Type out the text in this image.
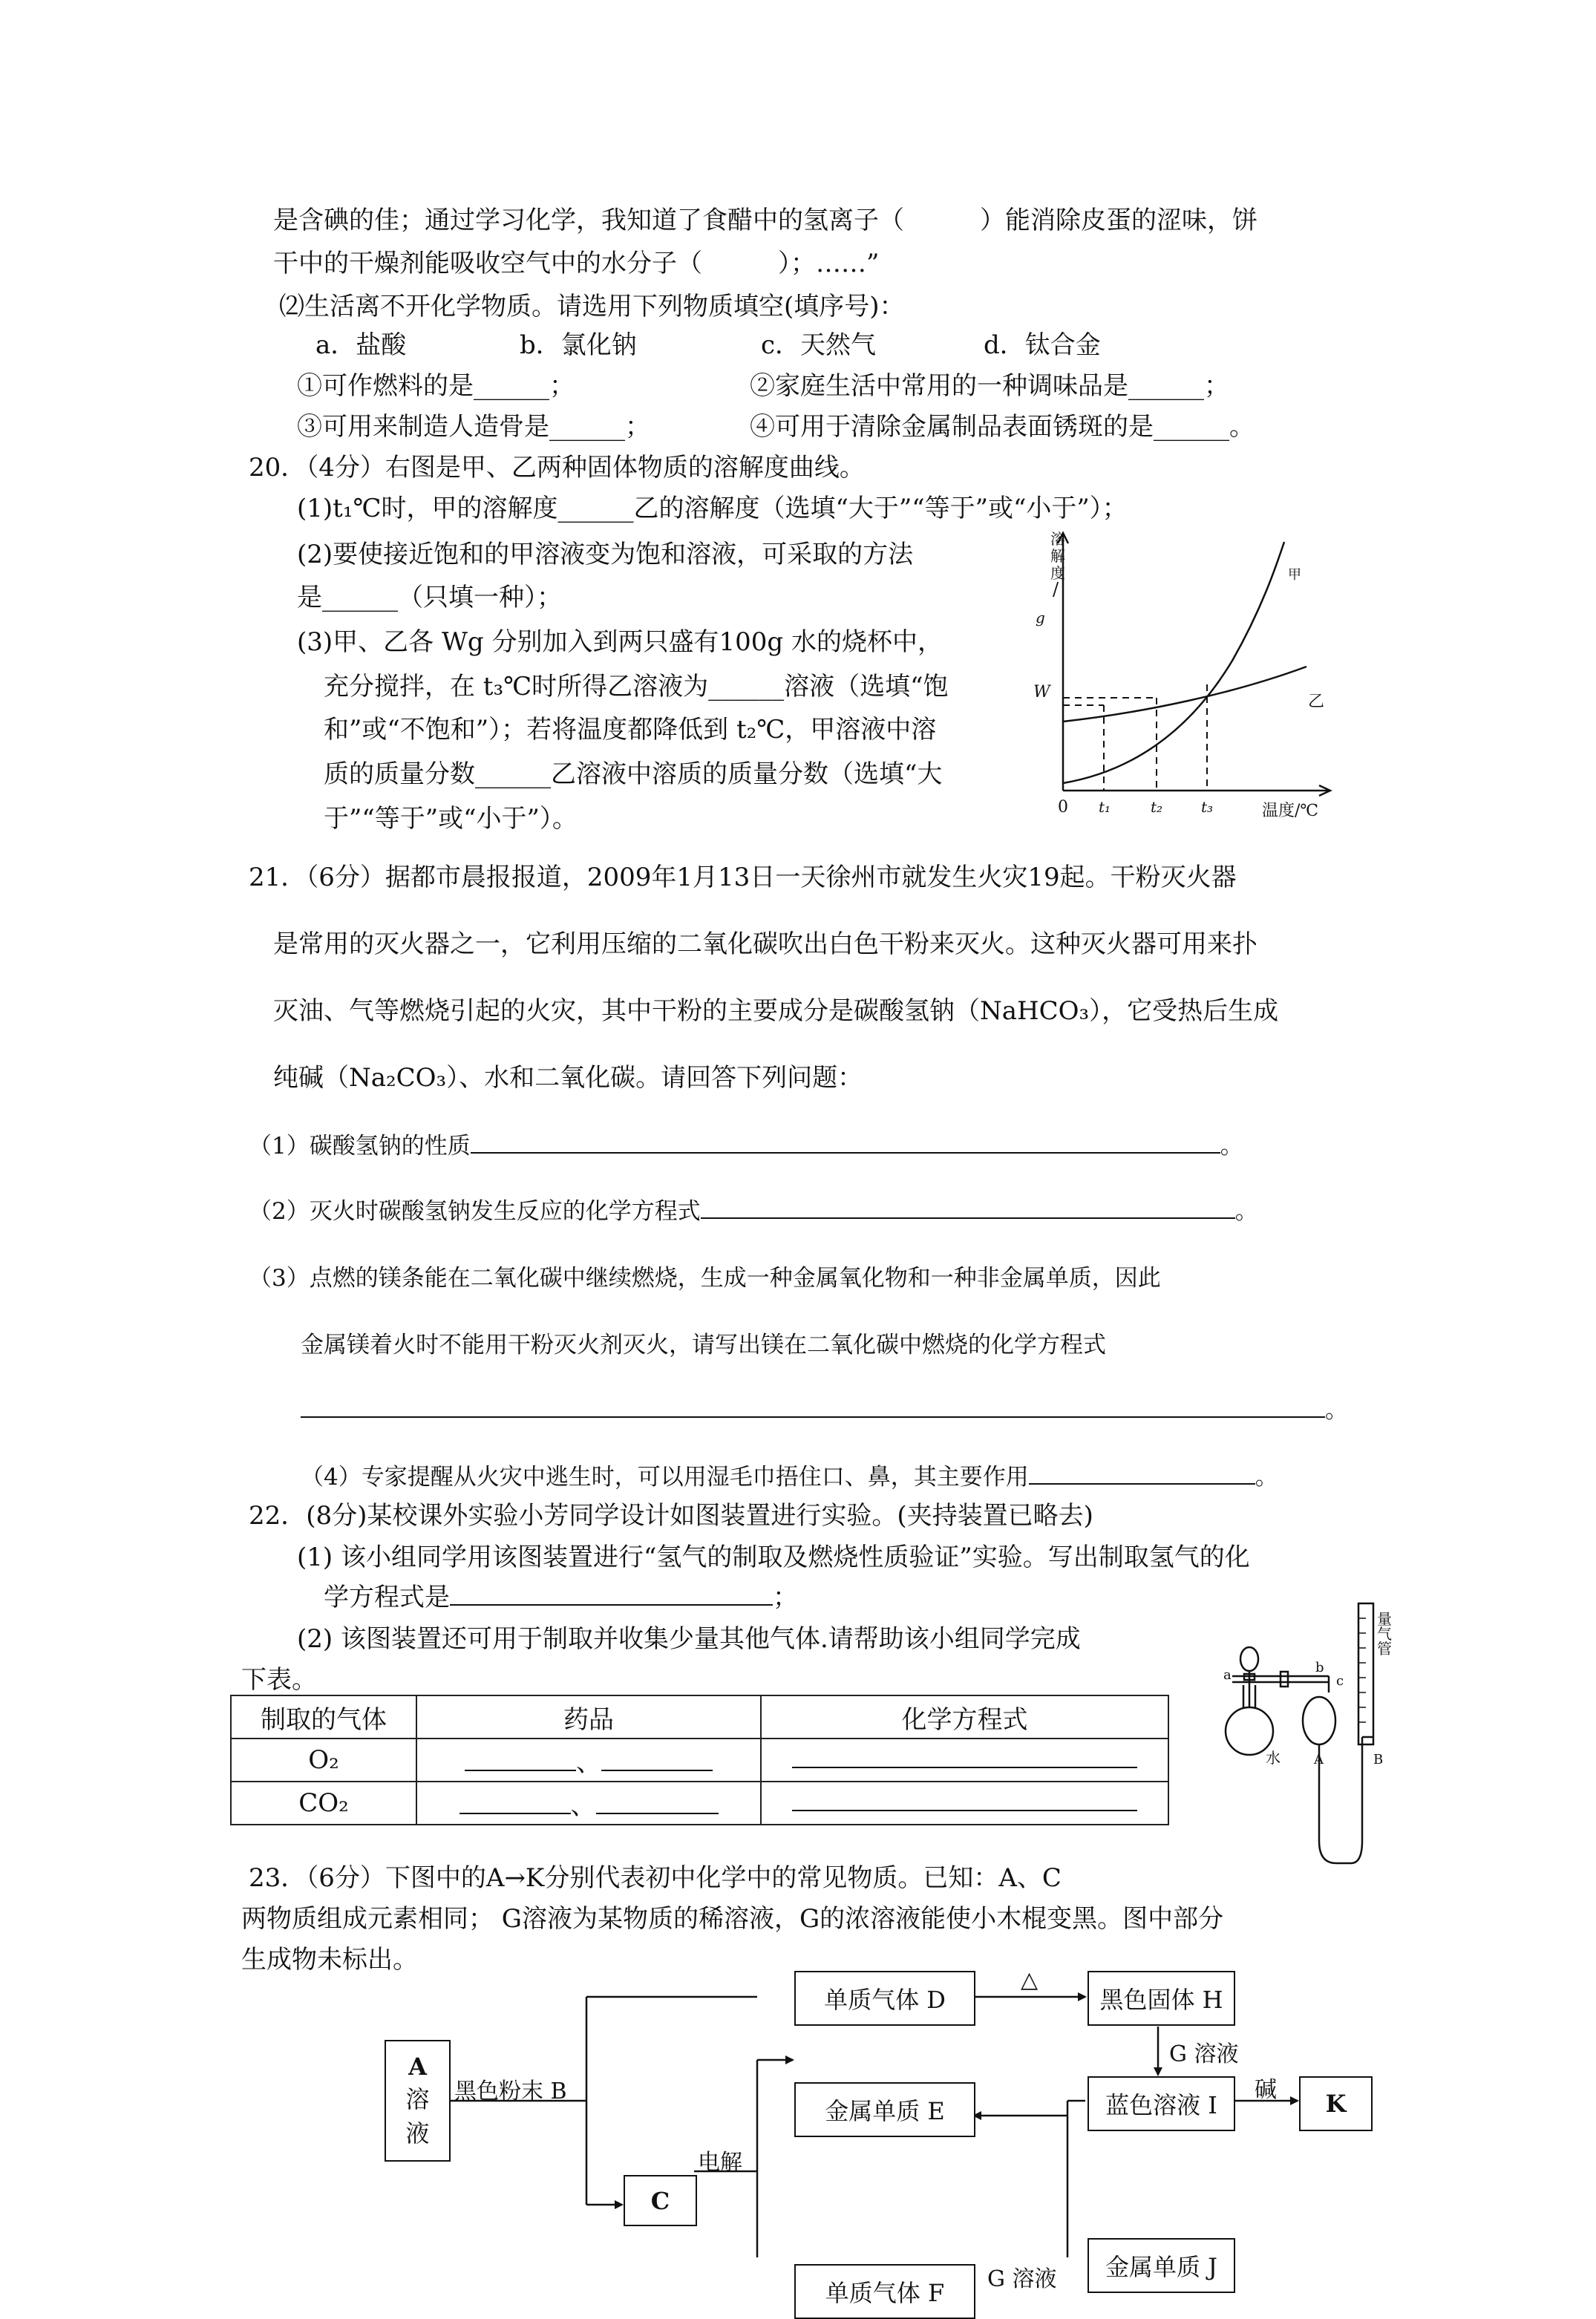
是含碘的佳；通过学习化学，我知道了食醋中的氢离子（　　　）能消除皮蛋的涩味，饼
干中的干燥剂能吸收空气中的水分子（　　　）；……”
⑵生活离不开化学物质。请选用下列物质填空(填序号)：
a．盐酸	b．氯化钠	c．天然气	d．钛合金
①可作燃料的是______；	②家庭生活中常用的一种调味品是______；
③可用来制造人造骨是______；	④可用于清除金属制品表面锈斑的是______。
20．（4分）右图是甲、乙两种固体物质的溶解度曲线。
(1)t₁℃时，甲的溶解度______乙的溶解度（选填“大于”“等于”或“小于”）；
(2)要使接近饱和的甲溶液变为饱和溶液，可采取的方法
是______（只填一种）；
(3)甲、乙各 Wg 分别加入到两只盛有100g 水的烧杯中，
充分搅拌，在 t₃℃时所得乙溶液为______溶液（选填“饱
和”或“不饱和”）；若将温度都降低到 t₂℃，甲溶液中溶
质的质量分数______乙溶液中溶质的质量分数（选填“大
于”“等于”或“小于”）。
溶
解
度
/
g
W
0 t₁	t₂	t₃	温度/℃
甲
乙
21．（6分）据都市晨报报道，2009年1月13日一天徐州市就发生火灾19起。干粉灭火器
是常用的灭火器之一，它利用压缩的二氧化碳吹出白色干粉来灭火。这种灭火器可用来扑
灭油、气等燃烧引起的火灾，其中干粉的主要成分是碳酸氢钠（NaHCO₃），它受热后生成
纯碱（Na₂CO₃）、水和二氧化碳。请回答下列问题：
（1）碳酸氢钠的性质	。
（2）灭火时碳酸氢钠发生反应的化学方程式	。
（3）点燃的镁条能在二氧化碳中继续燃烧，生成一种金属氧化物和一种非金属单质，因此
金属镁着火时不能用干粉灭火剂灭火，请写出镁在二氧化碳中燃烧的化学方程式
。
（4）专家提醒从火灾中逃生时，可以用湿毛巾捂住口、鼻，其主要作用	。
22．(8分)某校课外实验小芳同学设计如图装置进行实验。(夹持装置已略去)
(1) 该小组同学用该图装置进行“氢气的制取及燃烧性质验证”实验。写出制取氢气的化
学方程式是	；
(2) 该图装置还可用于制取并收集少量其他气体.请帮助该小组同学完成
下表。
制取的气体	药品	化学方程式
O₂	、	
CO₂	、	
量
气
管
a	b
c
水	A	B
23．（6分）下图中的A→K分别代表初中化学中的常见物质。已知：A、C
两物质组成元素相同； G溶液为某物质的稀溶液，G的浓溶液能使小木棍变黑。图中部分
生成物未标出。
A
溶
液
黑色粉末 B
C
电解
单质气体 D
金属单质 E
单质气体 F
黑色固体 H
蓝色溶液 I
金属单质 J
K
△
G 溶液
G 溶液
碱
